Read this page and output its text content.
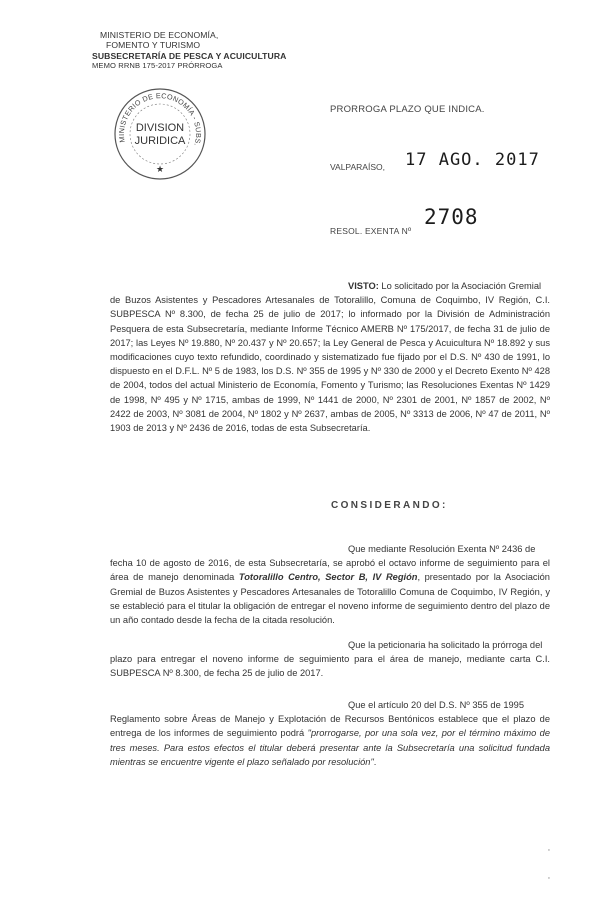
MINISTERIO DE ECONOMÍA,
FOMENTO Y TURISMO
SUBSECRETARÍA DE PESCA Y ACUICULTURA
MEMO RRNB 175-2017 PRÓRROGA
MINISTERIO DE ECONOMÍA - SUBS.
DIVISION
JURIDICA
★
PRORROGA PLAZO QUE INDICA.
VALPARAÍSO, 17 AGO. 2017
RESOL. EXENTA Nº
2708
VISTO: Lo solicitado por la Asociación Gremial
de Buzos Asistentes y Pescadores Artesanales de Totoralillo, Comuna de Coquimbo, IV Región, C.I. SUBPESCA Nº 8.300, de fecha 25 de julio de 2017; lo informado por la División de Administración Pesquera de esta Subsecretaría, mediante Informe Técnico AMERB Nº 175/2017, de fecha 31 de julio de 2017; las Leyes Nº 19.880, Nº 20.437 y Nº 20.657; la Ley General de Pesca y Acuicultura Nº 18.892 y sus modificaciones cuyo texto refundido, coordinado y sistematizado fue fijado por el D.S. Nº 430 de 1991, lo dispuesto en el D.F.L. Nº 5 de 1983, los D.S. Nº 355 de 1995 y Nº 330 de 2000 y el Decreto Exento Nº 428 de 2004, todos del actual Ministerio de Economía, Fomento y Turismo; las Resoluciones Exentas Nº 1429 de 1998, Nº 495 y Nº 1715, ambas de 1999, Nº 1441 de 2000, Nº 2301 de 2001, Nº 1857 de 2002, Nº 2422 de 2003, Nº 3081 de 2004, Nº 1802 y Nº 2637, ambas de 2005, Nº 3313 de 2006, Nº 47 de 2011, Nº 1903 de 2013 y Nº 2436 de 2016, todas de esta Subsecretaría.
CONSIDERANDO:
Que mediante Resolución Exenta Nº 2436 de
fecha 10 de agosto de 2016, de esta Subsecretaría, se aprobó el octavo informe de seguimiento para el área de manejo denominada Totoralillo Centro, Sector B, IV Región, presentado por la Asociación Gremial de Buzos Asistentes y Pescadores Artesanales de Totoralillo Comuna de Coquimbo, IV Región, y se estableció para el titular la obligación de entregar el noveno informe de seguimiento dentro del plazo de un año contado desde la fecha de la citada resolución.
Que la peticionaria ha solicitado la prórroga del
plazo para entregar el noveno informe de seguimiento para el área de manejo, mediante carta C.I. SUBPESCA Nº 8.300, de fecha 25 de julio de 2017.
Que el artículo 20 del D.S. Nº 355 de 1995
Reglamento sobre Áreas de Manejo y Explotación de Recursos Bentónicos establece que el plazo de entrega de los informes de seguimiento podrá "prorrogarse, por una sola vez, por el término máximo de tres meses. Para estos efectos el titular deberá presentar ante la Subsecretaría una solicitud fundada mientras se encuentre vigente el plazo señalado por resolución".
'
'
